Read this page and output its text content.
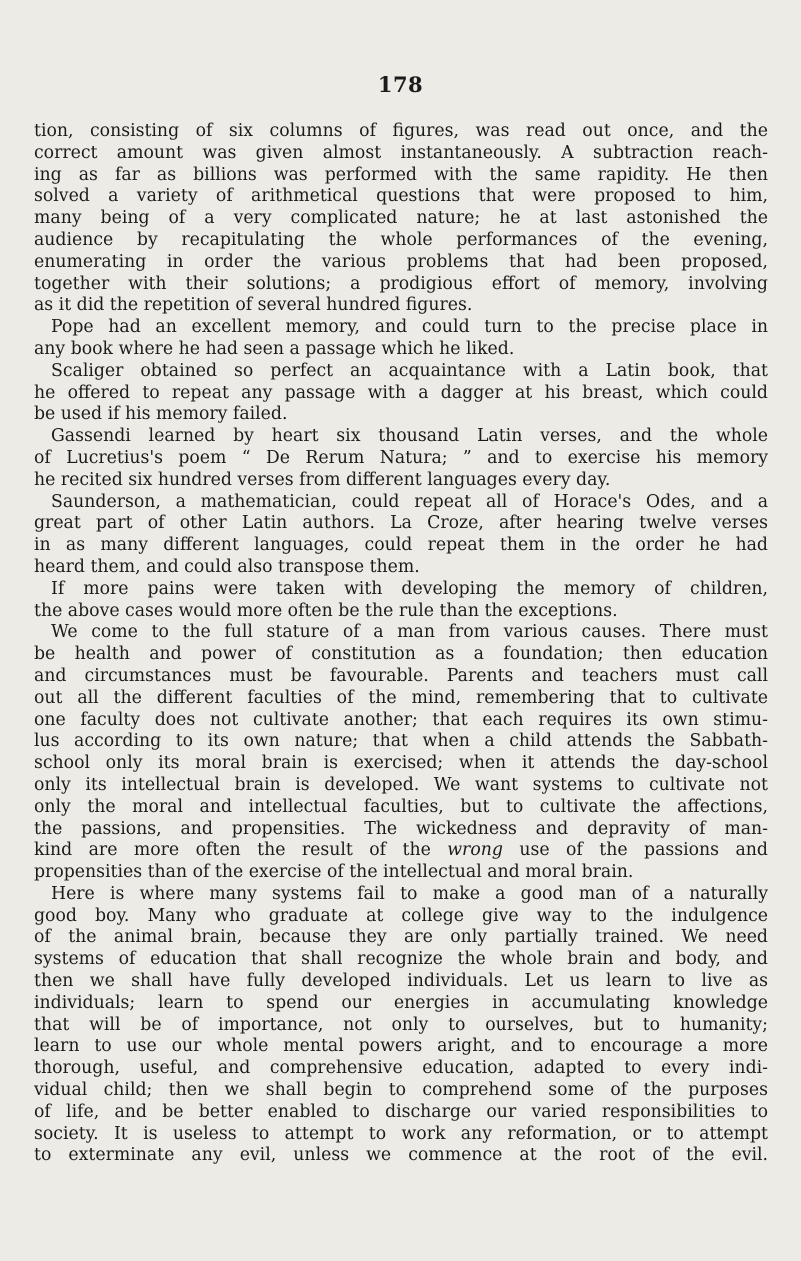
178
tion, consisting of six columns of figures, was read out once, and the
correct amount was given almost instantaneously. A subtraction reach-
ing as far as billions was performed with the same rapidity. He then
solved a variety of arithmetical questions that were proposed to him,
many being of a very complicated nature; he at last astonished the
audience by recapitulating the whole performances of the evening,
enumerating in order the various problems that had been proposed,
together with their solutions; a prodigious effort of memory, involving
as it did the repetition of several hundred figures.
Pope had an excellent memory, and could turn to the precise place in
any book where he had seen a passage which he liked.
Scaliger obtained so perfect an acquaintance with a Latin book, that
he offered to repeat any passage with a dagger at his breast, which could
be used if his memory failed.
Gassendi learned by heart six thousand Latin verses, and the whole
of Lucretius's poem “ De Rerum Natura; ” and to exercise his memory
he recited six hundred verses from different languages every day.
Saunderson, a mathematician, could repeat all of Horace's Odes, and a
great part of other Latin authors. La Croze, after hearing twelve verses
in as many different languages, could repeat them in the order he had
heard them, and could also transpose them.
If more pains were taken with developing the memory of children,
the above cases would more often be the rule than the exceptions.
We come to the full stature of a man from various causes. There must
be health and power of constitution as a foundation; then education
and circumstances must be favourable. Parents and teachers must call
out all the different faculties of the mind, remembering that to cultivate
one faculty does not cultivate another; that each requires its own stimu-
lus according to its own nature; that when a child attends the Sabbath-
school only its moral brain is exercised; when it attends the day-school
only its intellectual brain is developed. We want systems to cultivate not
only the moral and intellectual faculties, but to cultivate the affections,
the passions, and propensities. The wickedness and depravity of man-
kind are more often the result of the wrong use of the passions and
propensities than of the exercise of the intellectual and moral brain.
Here is where many systems fail to make a good man of a naturally
good boy. Many who graduate at college give way to the indulgence
of the animal brain, because they are only partially trained. We need
systems of education that shall recognize the whole brain and body, and
then we shall have fully developed individuals. Let us learn to live as
individuals; learn to spend our energies in accumulating knowledge
that will be of importance, not only to ourselves, but to humanity;
learn to use our whole mental powers aright, and to encourage a more
thorough, useful, and comprehensive education, adapted to every indi-
vidual child; then we shall begin to comprehend some of the purposes
of life, and be better enabled to discharge our varied responsibilities to
society. It is useless to attempt to work any reformation, or to attempt
to exterminate any evil, unless we commence at the root of the evil.
